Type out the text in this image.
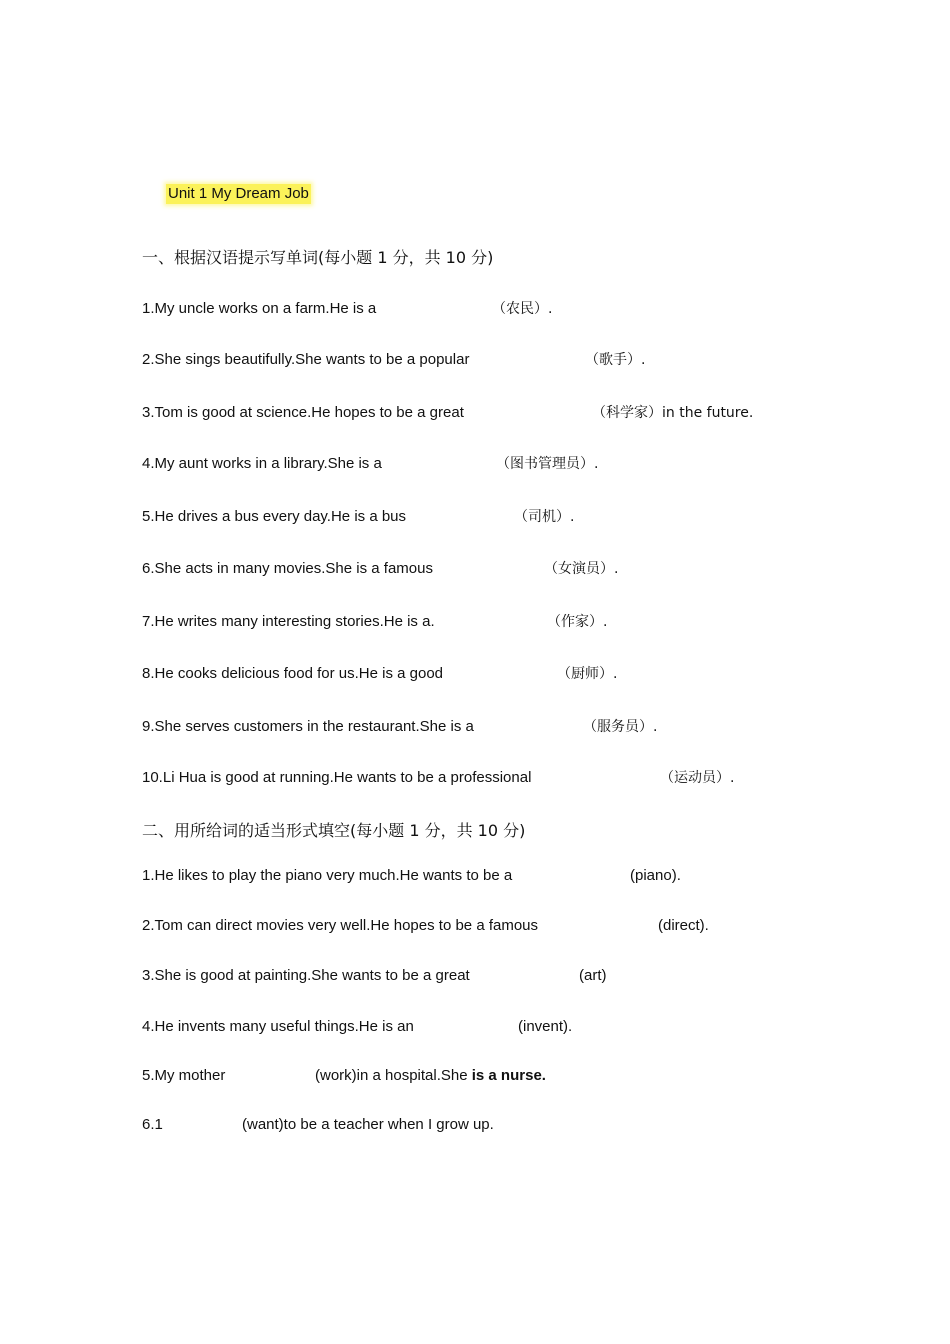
Unit 1 My Dream Job
一、根据汉语提示写单词(每小题 1 分，共 10 分)
1.My uncle works on a farm.He is a	（农民）.
2.She sings beautifully.She wants to be a popular	（歌手）.
3.Tom is good at science.He hopes to be a great	（科学家）in the future.
4.My aunt works in a library.She is a	（图书管理员）.
5.He drives a bus every day.He is a bus	（司机）.
6.She acts in many movies.She is a famous	（女演员）.
7.He writes many interesting stories.He is a.	（作家）.
8.He cooks delicious food for us.He is a good	（厨师）.
9.She serves customers in the restaurant.She is a	（服务员）.
10.Li Hua is good at running.He wants to be a professional	（运动员）.
二、用所给词的适当形式填空(每小题 1 分，共 10 分)
1.He likes to play the piano very much.He wants to be a	(piano).
2.Tom can direct movies very well.He hopes to be a famous	(direct).
3.She is good at painting.She wants to be a great	(art)
4.He invents many useful things.He is an	(invent).
5.My mother	(work)in a hospital.She is a nurse.
6.1	(want)to be a teacher when I grow up.
